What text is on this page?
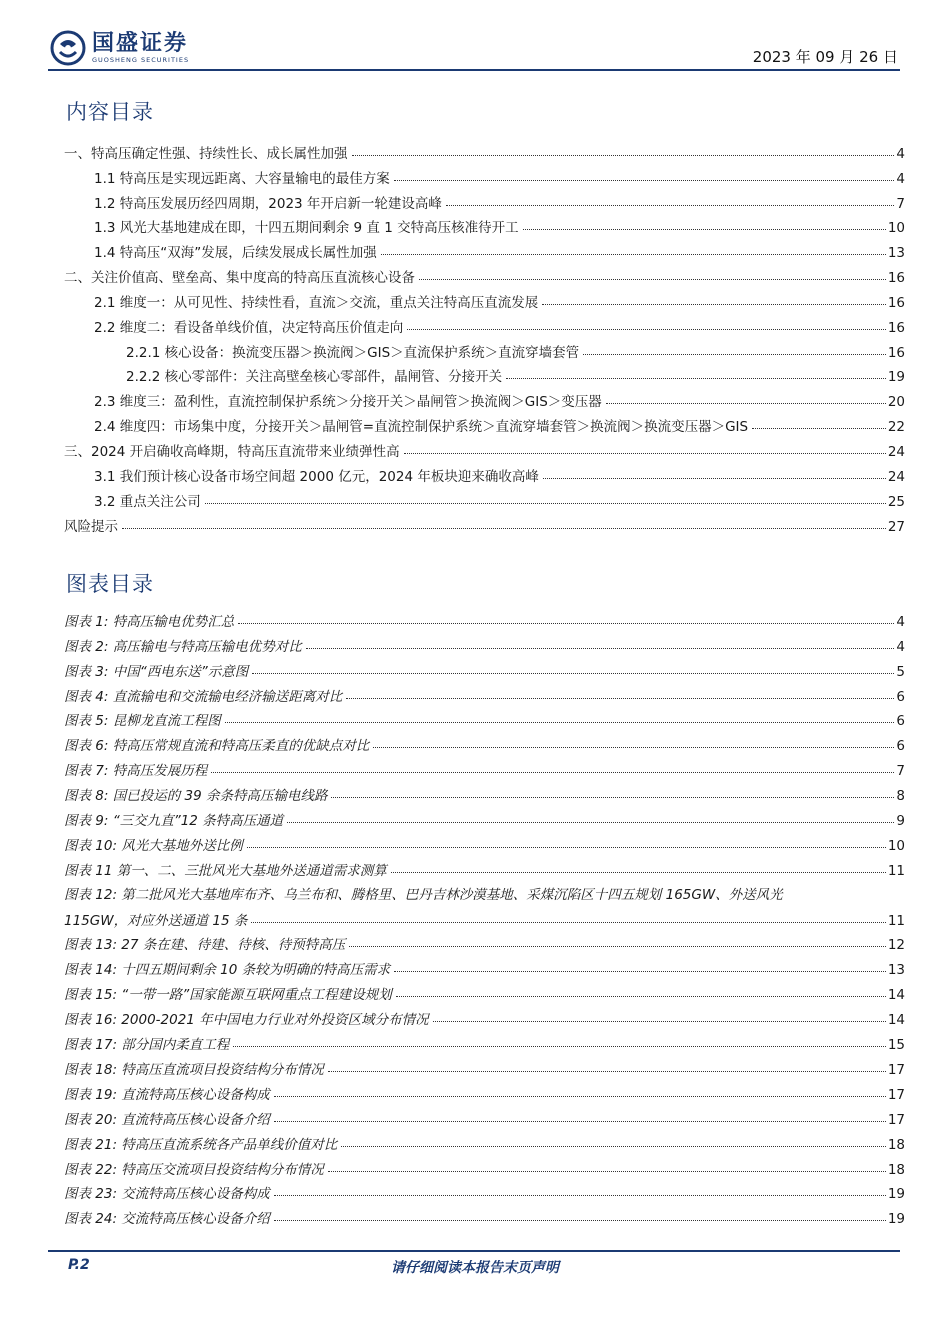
国盛证券
GUOSHENG SECURITIES	2023 年 09 月 26 日
内容目录
一、特高压确定性强、持续性长、成长属性加强	4
1.1 特高压是实现远距离、大容量输电的最佳方案	4
1.2 特高压发展历经四周期，2023 年开启新一轮建设高峰	7
1.3 风光大基地建成在即，十四五期间剩余 9 直 1 交特高压核准待开工	10
1.4 特高压“双海”发展，后续发展成长属性加强	13
二、关注价值高、壁垒高、集中度高的特高压直流核心设备	16
2.1 维度一：从可见性、持续性看，直流＞交流，重点关注特高压直流发展	16
2.2 维度二：看设备单线价值，决定特高压价值走向	16
2.2.1 核心设备：换流变压器＞换流阀＞GIS＞直流保护系统＞直流穿墙套管	16
2.2.2 核心零部件：关注高壁垒核心零部件，晶闸管、分接开关	19
2.3 维度三：盈利性，直流控制保护系统＞分接开关＞晶闸管＞换流阀＞GIS＞变压器	20
2.4 维度四：市场集中度，分接开关＞晶闸管=直流控制保护系统＞直流穿墙套管＞换流阀＞换流变压器＞GIS	22
三、2024 开启确收高峰期，特高压直流带来业绩弹性高	24
3.1 我们预计核心设备市场空间超 2000 亿元，2024 年板块迎来确收高峰	24
3.2 重点关注公司	25
风险提示	27
图表目录
图表 1: 特高压输电优势汇总	4
图表 2: 高压输电与特高压输电优势对比	4
图表 3: 中国“西电东送”示意图	5
图表 4: 直流输电和交流输电经济输送距离对比	6
图表 5: 昆柳龙直流工程图	6
图表 6: 特高压常规直流和特高压柔直的优缺点对比	6
图表 7: 特高压发展历程	7
图表 8: 国已投运的 39 余条特高压输电线路	8
图表 9: “三交九直”12 条特高压通道	9
图表 10: 风光大基地外送比例	10
图表 11 第一、二、三批风光大基地外送通道需求测算	11
图表 12: 第二批风光大基地库布齐、乌兰布和、腾格里、巴丹吉林沙漠基地、采煤沉陷区十四五规划 165GW、外送风光
115GW，对应外送通道 15 条	11
图表 13: 27 条在建、待建、待核、待预特高压	12
图表 14: 十四五期间剩余 10 条较为明确的特高压需求	13
图表 15: “一带一路”国家能源互联网重点工程建设规划	14
图表 16: 2000-2021 年中国电力行业对外投资区域分布情况	14
图表 17: 部分国内柔直工程	15
图表 18: 特高压直流项目投资结构分布情况	17
图表 19: 直流特高压核心设备构成	17
图表 20: 直流特高压核心设备介绍	17
图表 21: 特高压直流系统各产品单线价值对比	18
图表 22: 特高压交流项目投资结构分布情况	18
图表 23: 交流特高压核心设备构成	19
图表 24: 交流特高压核心设备介绍	19
P.2	请仔细阅读本报告末页声明
